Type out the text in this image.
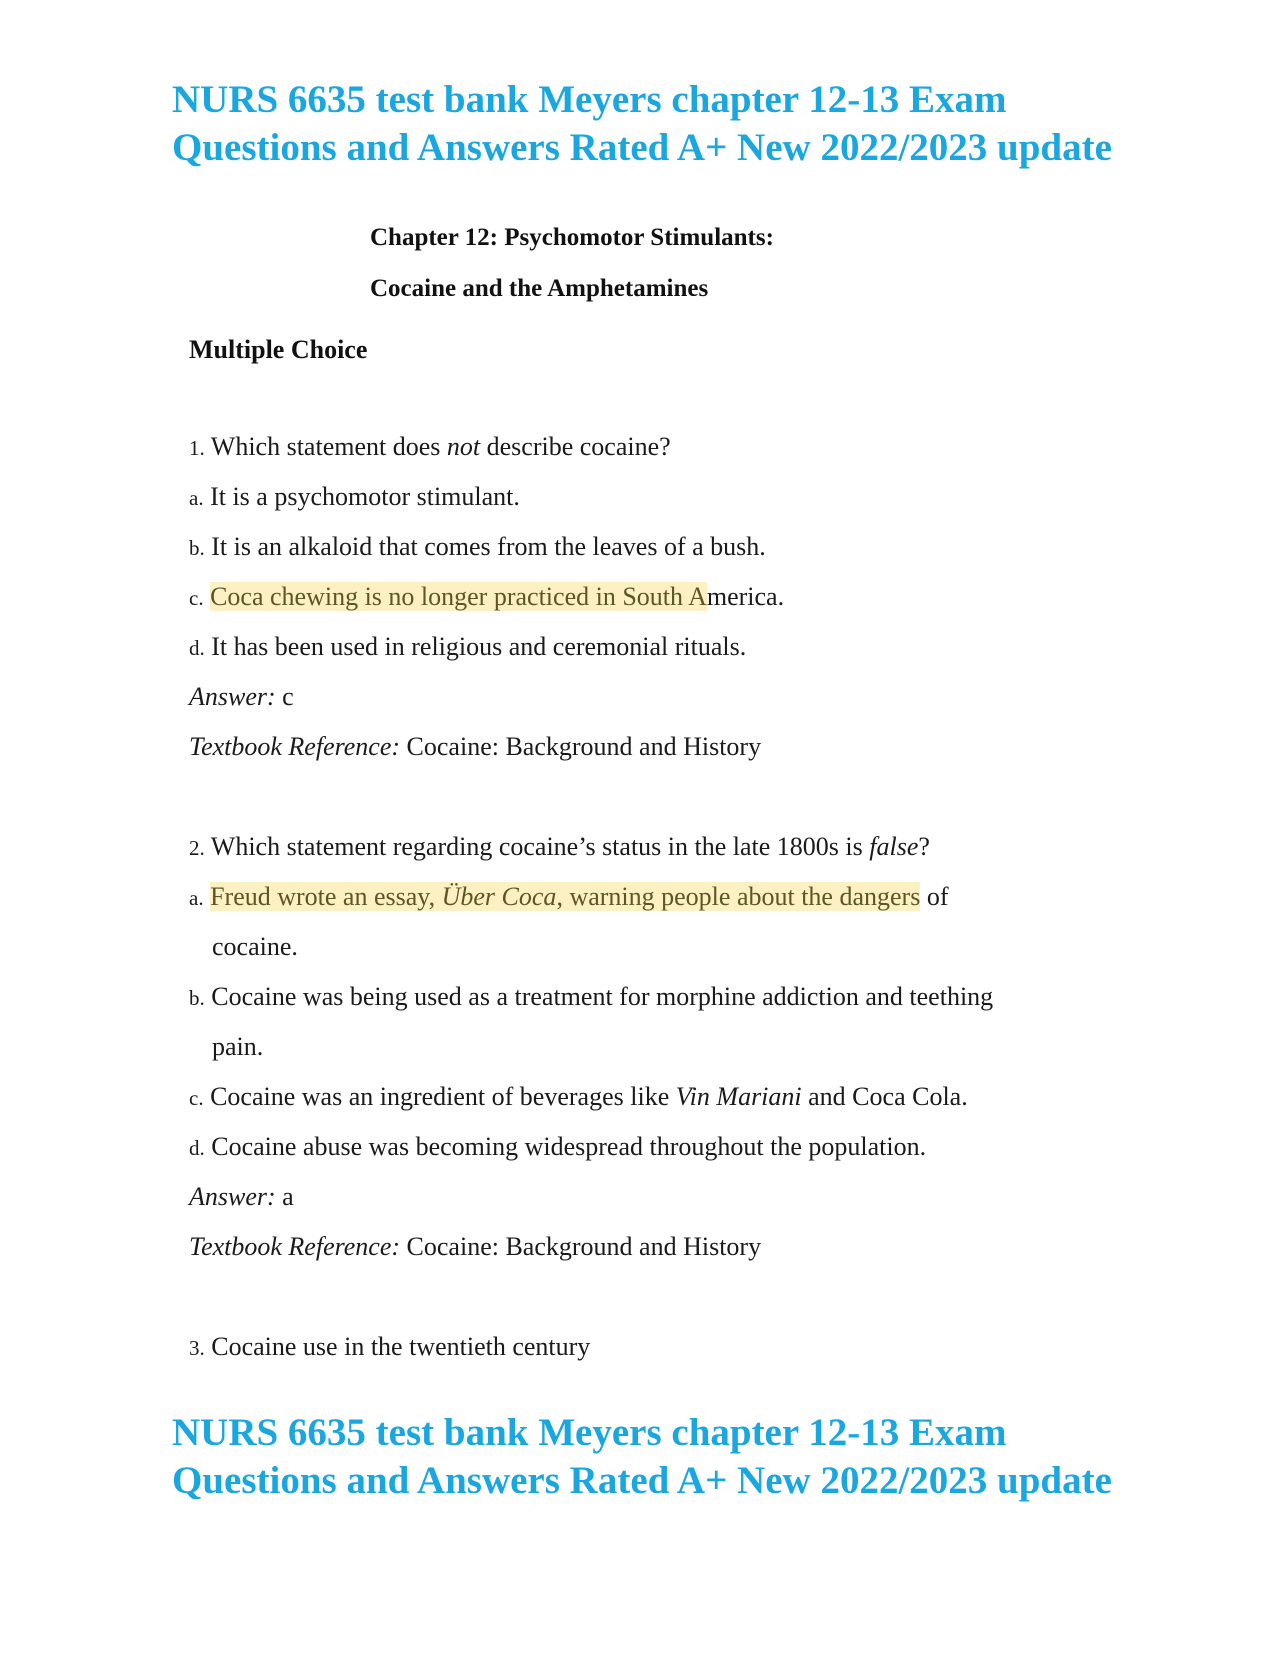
NURS 6635 test bank Meyers chapter 12-13 Exam Questions and Answers Rated A+ New 2022/2023 update

Chapter 12: Psychomotor Stimulants:

Cocaine and the Amphetamines

Multiple Choice

1. Which statement does not describe cocaine?
a. It is a psychomotor stimulant.
b. It is an alkaloid that comes from the leaves of a bush.
c. Coca chewing is no longer practiced in South America.
d. It has been used in religious and ceremonial rituals.
Answer: c
Textbook Reference: Cocaine: Background and History
2. Which statement regarding cocaine’s status in the late 1800s is false?
a. Freud wrote an essay, Über Coca, warning people about the dangers of
cocaine.
b. Cocaine was being used as a treatment for morphine addiction and teething
pain.
c. Cocaine was an ingredient of beverages like Vin Mariani and Coca Cola.
d. Cocaine abuse was becoming widespread throughout the population.
Answer: a
Textbook Reference: Cocaine: Background and History
3. Cocaine use in the twentieth century
NURS 6635 test bank Meyers chapter 12-13 Exam Questions and Answers Rated A+ New 2022/2023 update
